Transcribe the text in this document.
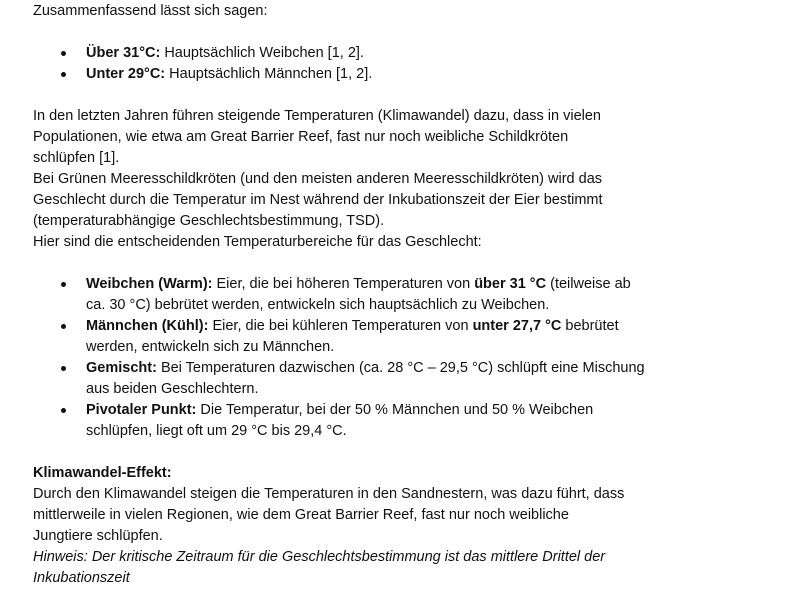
Zusammenfassend lässt sich sagen:
Über 31°C: Hauptsächlich Weibchen [1, 2].
Unter 29°C: Hauptsächlich Männchen [1, 2].
In den letzten Jahren führen steigende Temperaturen (Klimawandel) dazu, dass in vielen
Populationen, wie etwa am Great Barrier Reef, fast nur noch weibliche Schildkröten
schlüpfen [1].
Bei Grünen Meeresschildkröten (und den meisten anderen Meeresschildkröten) wird das
Geschlecht durch die Temperatur im Nest während der Inkubationszeit der Eier bestimmt
(temperaturabhängige Geschlechtsbestimmung, TSD).
Hier sind die entscheidenden Temperaturbereiche für das Geschlecht:
Weibchen (Warm): Eier, die bei höheren Temperaturen von über 31 °C (teilweise ab
ca. 30 °C) bebrütet werden, entwickeln sich hauptsächlich zu Weibchen.
Männchen (Kühl): Eier, die bei kühleren Temperaturen von unter 27,7 °C bebrütet
werden, entwickeln sich zu Männchen.
Gemischt: Bei Temperaturen dazwischen (ca. 28 °C – 29,5 °C) schlüpft eine Mischung
aus beiden Geschlechtern.
Pivotaler Punkt: Die Temperatur, bei der 50 % Männchen und 50 % Weibchen
schlüpfen, liegt oft um 29 °C bis 29,4 °C.
Klimawandel-Effekt:
Durch den Klimawandel steigen die Temperaturen in den Sandnestern, was dazu führt, dass
mittlerweile in vielen Regionen, wie dem Great Barrier Reef, fast nur noch weibliche
Jungtiere schlüpfen.
Hinweis: Der kritische Zeitraum für die Geschlechtsbestimmung ist das mittlere Drittel der
Inkubationszeit
